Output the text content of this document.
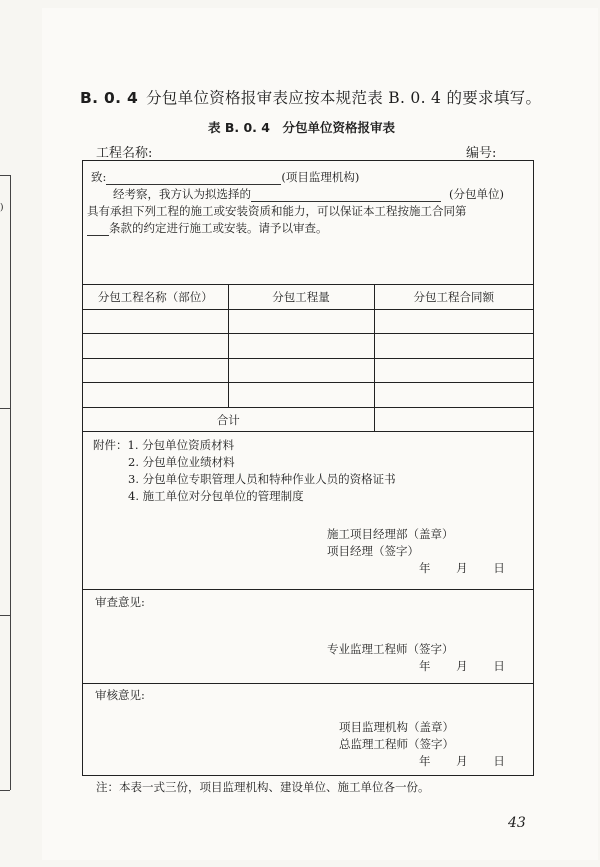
)
B. 0. 4 分包单位资格报审表应按本规范表 B. 0. 4 的要求填写。
表 B. 0. 4　分包单位资格报审表
工程名称:	编号:
致:	(项目监理机构)
经考察，我方认为拟选择的	(分包单位)
具有承担下列工程的施工或安装资质和能力，可以保证本工程按施工合同第
条款的约定进行施工或安装。请予以审查。
分包工程名称（部位）	分包工程量	分包工程合同额

合计		
附件：1. 分包单位资质材料
2. 分包单位业绩材料
3. 分包单位专职管理人员和特种作业人员的资格证书
4. 施工单位对分包单位的管理制度
施工项目经理部（盖章）
项目经理（签字）
年 月 日
审查意见:
专业监理工程师（签字）
年 月 日
审核意见:
项目监理机构（盖章）
总监理工程师（签字）
年 月 日
注：本表一式三份，项目监理机构、建设单位、施工单位各一份。
43
